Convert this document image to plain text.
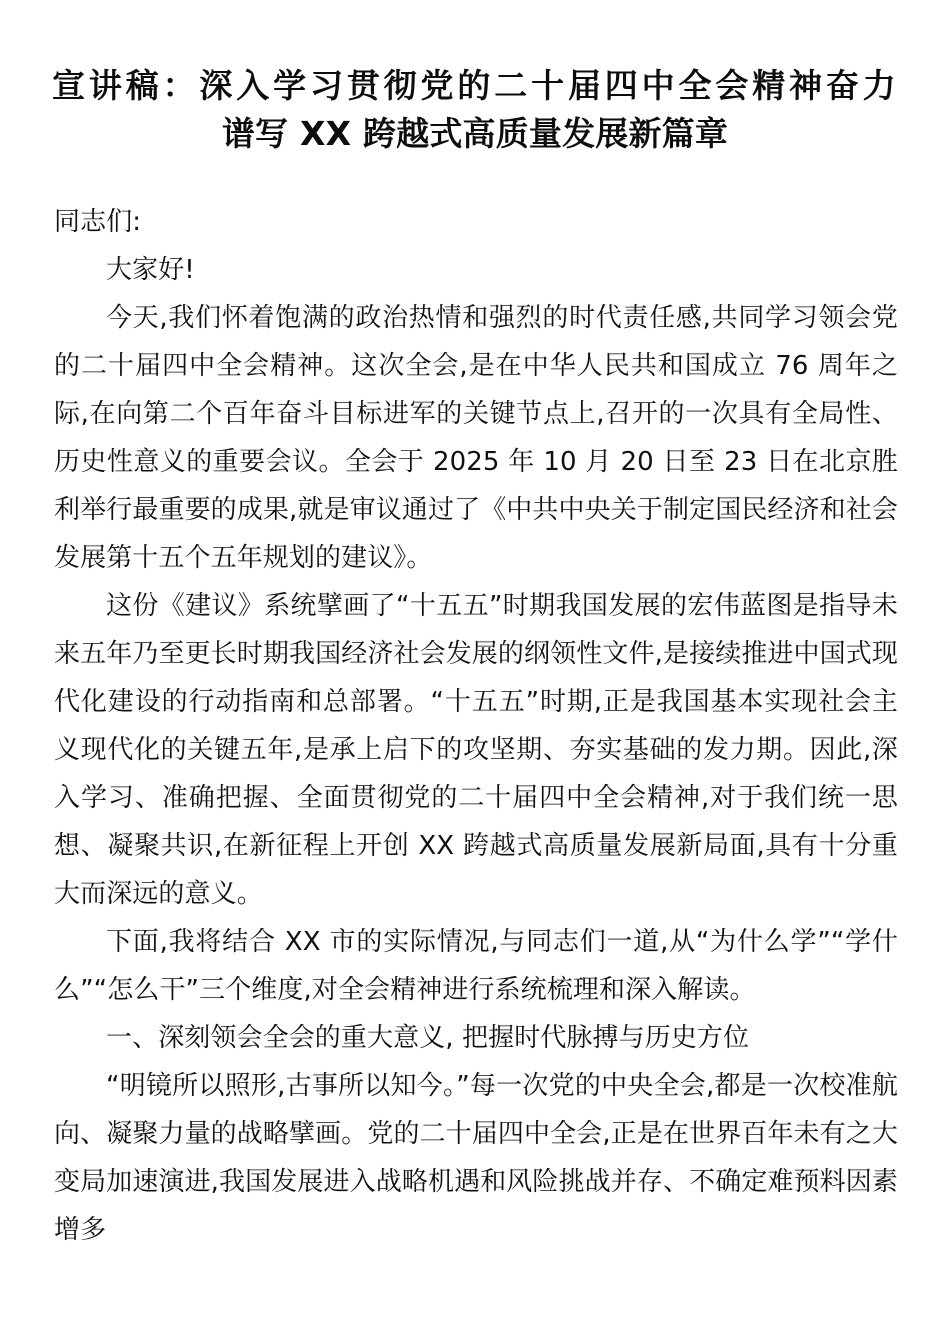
宣讲稿：深入学习贯彻党的二十届四中全会精神奋力
谱写 XX 跨越式高质量发展新篇章

同志们:

大家好!

今天,我们怀着饱满的政治热情和强烈的时代责任感,共同学习领会党的二十届四中全会精神。这次全会,是在中华人民共和国成立 76 周年之际,在向第二个百年奋斗目标进军的关键节点上,召开的一次具有全局性、历史性意义的重要会议。全会于 2025 年 10 月 20 日至 23 日在北京胜利举行最重要的成果,就是审议通过了《中共中央关于制定国民经济和社会发展第十五个五年规划的建议》。

这份《建议》系统擘画了“十五五”时期我国发展的宏伟蓝图是指导未来五年乃至更长时期我国经济社会发展的纲领性文件,是接续推进中国式现代化建设的行动指南和总部署。“十五五”时期,正是我国基本实现社会主义现代化的关键五年,是承上启下的攻坚期、夯实基础的发力期。因此,深入学习、准确把握、全面贯彻党的二十届四中全会精神,对于我们统一思想、凝聚共识,在新征程上开创 XX 跨越式高质量发展新局面,具有十分重大而深远的意义。

下面,我将结合 XX 市的实际情况,与同志们一道,从“为什么学”“学什么”“怎么干”三个维度,对全会精神进行系统梳理和深入解读。

一、深刻领会全会的重大意义, 把握时代脉搏与历史方位

“明镜所以照形,古事所以知今。”每一次党的中央全会,都是一次校准航向、凝聚力量的战略擘画。党的二十届四中全会,正是在世界百年未有之大变局加速演进,我国发展进入战略机遇和风险挑战并存、不确定难预料因素增多
